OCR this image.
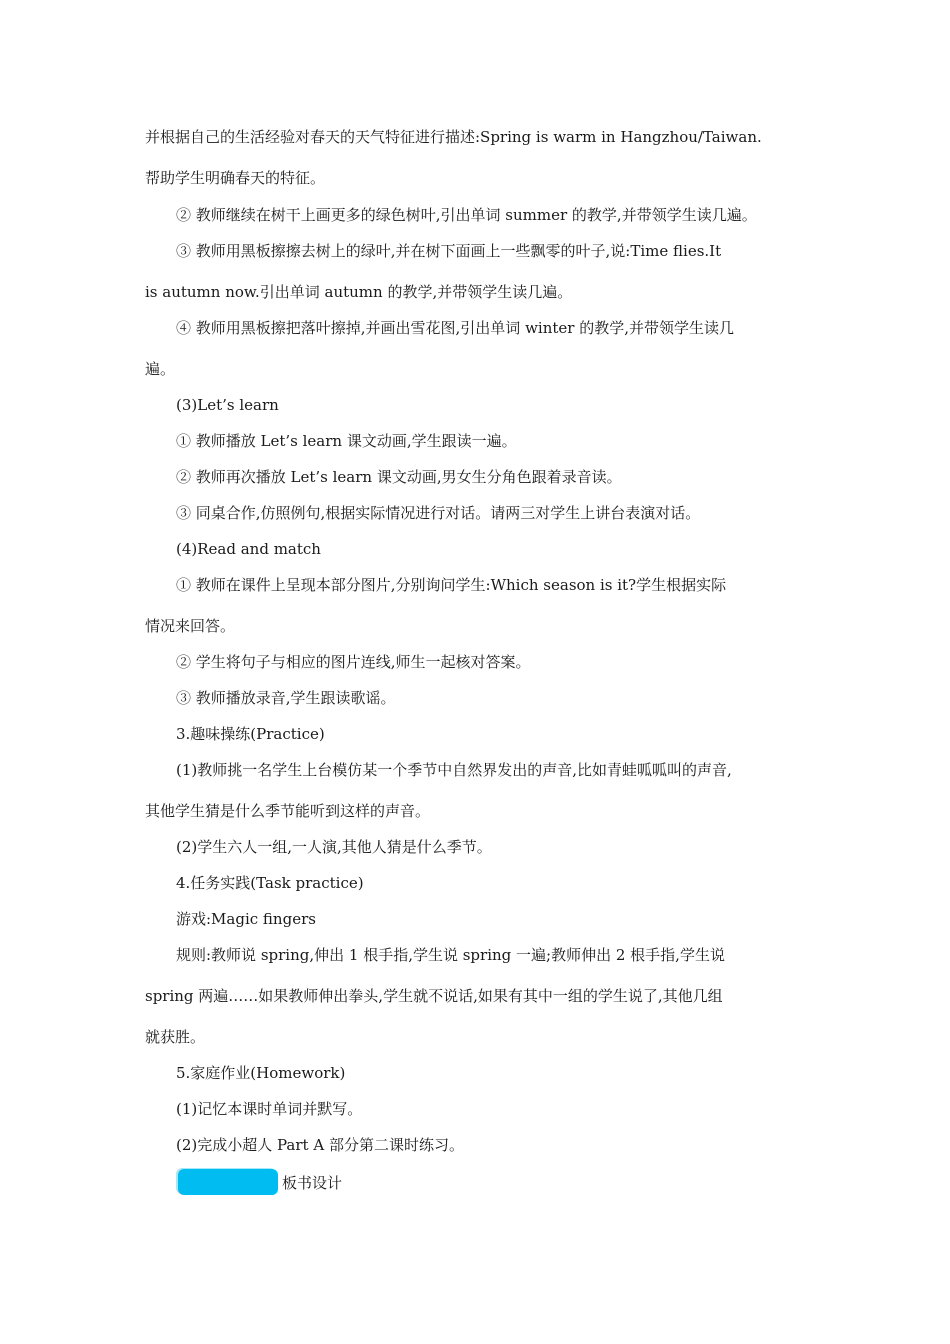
并根据自己的生活经验对春天的天气特征进行描述:Spring is warm in Hangzhou/Taiwan.
帮助学生明确春天的特征。
② 教师继续在树干上画更多的绿色树叶,引出单词 summer 的教学,并带领学生读几遍。
③ 教师用黑板擦擦去树上的绿叶,并在树下面画上一些飘零的叶子,说:Time flies.It
is autumn now.引出单词 autumn 的教学,并带领学生读几遍。
④ 教师用黑板擦把落叶擦掉,并画出雪花图,引出单词 winter 的教学,并带领学生读几
遍。
(3)Let’s learn
① 教师播放 Let’s learn 课文动画,学生跟读一遍。
② 教师再次播放 Let’s learn 课文动画,男女生分角色跟着录音读。
③ 同桌合作,仿照例句,根据实际情况进行对话。请两三对学生上讲台表演对话。
(4)Read and match
① 教师在课件上呈现本部分图片,分别询问学生:Which season is it?学生根据实际
情况来回答。
② 学生将句子与相应的图片连线,师生一起核对答案。
③ 教师播放录音,学生跟读歌谣。
3.趣味操练(Practice)
(1)教师挑一名学生上台模仿某一个季节中自然界发出的声音,比如青蛙呱呱叫的声音,
其他学生猜是什么季节能听到这样的声音。
(2)学生六人一组,一人演,其他人猜是什么季节。
4.任务实践(Task practice)
游戏:Magic fingers
规则:教师说 spring,伸出 1 根手指,学生说 spring 一遍;教师伸出 2 根手指,学生说
spring 两遍……如果教师伸出拳头,学生就不说话,如果有其中一组的学生说了,其他几组
就获胜。
5.家庭作业(Homework)
(1)记忆本课时单词并默写。
(2)完成小超人 Part A 部分第二课时练习。
板书设计
